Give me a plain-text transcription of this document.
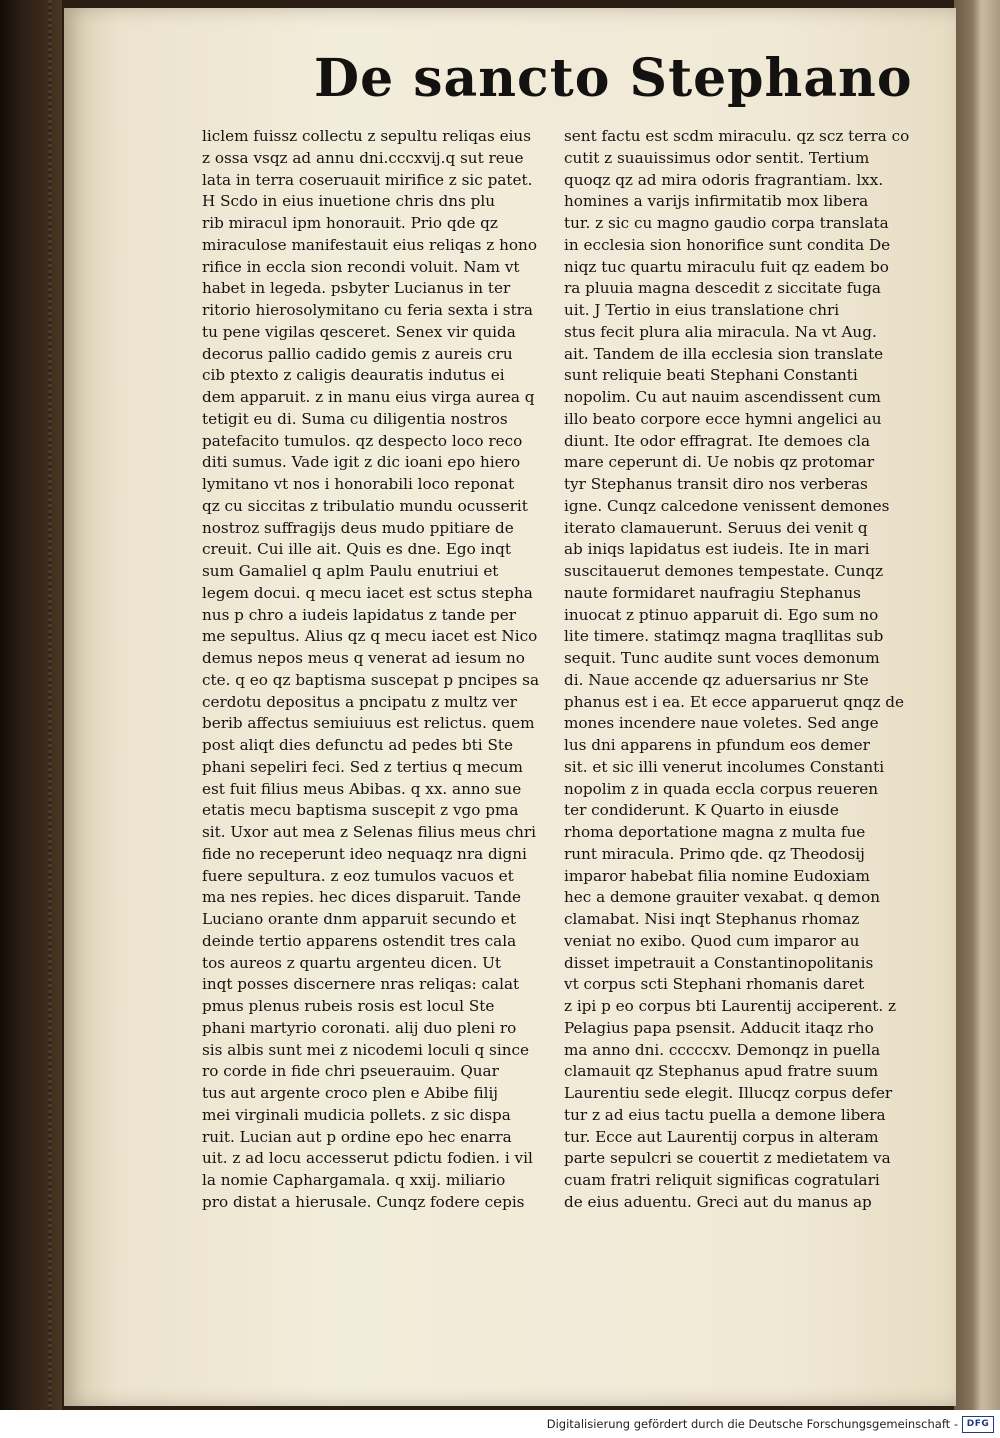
De sancto Stephano
liclem fuissz collectu z sepultu reliqas eius
z ossa vsqz ad annu dni.cccxvij.q sut reue
lata in terra coseruauit mirifice z sic patet.
H Scdo in eius inuetione chris dns plu
rib miracul ipm honorauit. Prio qde qz
miraculose manifestauit eius reliqas z hono
rifice in eccla sion recondi voluit. Nam vt
habet in legeda. psbyter Lucianus in ter
ritorio hierosolymitano cu feria sexta i stra
tu pene vigilas qesceret. Senex vir quida
decorus pallio cadido gemis z aureis cru
cib ptexto z caligis deauratis indutus ei
dem apparuit. z in manu eius virga aurea q
tetigit eu di. Suma cu diligentia nostros
patefacito tumulos. qz despecto loco reco
diti sumus. Vade igit z dic ioani epo hiero
lymitano vt nos i honorabili loco reponat
qz cu siccitas z tribulatio mundu ocusserit
nostroz suffragijs deus mudo ppitiare de
creuit. Cui ille ait. Quis es dne. Ego inqt
sum Gamaliel q aplm Paulu enutriui et
legem docui. q mecu iacet est sctus stepha
nus p chro a iudeis lapidatus z tande per
me sepultus. Alius qz q mecu iacet est Nico
demus nepos meus q venerat ad iesum no
cte. q eo qz baptisma suscepat p pncipes sa
cerdotu depositus a pncipatu z multz ver
berib affectus semiuiuus est relictus. quem
post aliqt dies defunctu ad pedes bti Ste
phani sepeliri feci. Sed z tertius q mecum
est fuit filius meus Abibas. q xx. anno sue
etatis mecu baptisma suscepit z vgo pma
sit. Uxor aut mea z Selenas filius meus chri
fide no receperunt ideo nequaqz nra digni
fuere sepultura. z eoz tumulos vacuos et
ma nes repies. hec dices disparuit. Tande
Luciano orante dnm apparuit secundo et
deinde tertio apparens ostendit tres cala
tos aureos z quartu argenteu dicen. Ut
inqt posses discernere nras reliqas: calat
pmus plenus rubeis rosis est locul Ste
phani martyrio coronati. alij duo pleni ro
sis albis sunt mei z nicodemi loculi q since
ro corde in fide chri pseuerauim. Quar
tus aut argente croco plen e Abibe filij
mei virginali mudicia pollets. z sic dispa
ruit. Lucian aut p ordine epo hec enarra
uit. z ad locu accesserut pdictu fodien. i vil
la nomie Caphargamala. q xxij. miliario
pro distat a hierusale. Cunqz fodere cepis
sent factu est scdm miraculu. qz scz terra co
cutit z suauissimus odor sentit. Tertium
quoqz qz ad mira odoris fragrantiam. lxx.
homines a varijs infirmitatib mox libera
tur. z sic cu magno gaudio corpa translata
in ecclesia sion honorifice sunt condita De
niqz tuc quartu miraculu fuit qz eadem bo
ra pluuia magna descedit z siccitate fuga
uit. J Tertio in eius translatione chri
stus fecit plura alia miracula. Na vt Aug.
ait. Tandem de illa ecclesia sion translate
sunt reliquie beati Stephani Constanti
nopolim. Cu aut nauim ascendissent cum
illo beato corpore ecce hymni angelici au
diunt. Ite odor effragrat. Ite demoes cla
mare ceperunt di. Ue nobis qz protomar
tyr Stephanus transit diro nos verberas
igne. Cunqz calcedone venissent demones
iterato clamauerunt. Seruus dei venit q
ab iniqs lapidatus est iudeis. Ite in mari
suscitauerut demones tempestate. Cunqz
naute formidaret naufragiu Stephanus
inuocat z ptinuo apparuit di. Ego sum no
lite timere. statimqz magna traqllitas sub
sequit. Tunc audite sunt voces demonum
di. Naue accende qz aduersarius nr Ste
phanus est i ea. Et ecce apparuerut qnqz de
mones incendere naue voletes. Sed ange
lus dni apparens in pfundum eos demer
sit. et sic illi venerut incolumes Constanti
nopolim z in quada eccla corpus reueren
ter condiderunt. K Quarto in eiusde
rhoma deportatione magna z multa fue
runt miracula. Primo qde. qz Theodosij
imparor habebat filia nomine Eudoxiam
hec a demone grauiter vexabat. q demon
clamabat. Nisi inqt Stephanus rhomaz
veniat no exibo. Quod cum imparor au
disset impetrauit a Constantinopolitanis
vt corpus scti Stephani rhomanis daret
z ipi p eo corpus bti Laurentij acciperent. z
Pelagius papa psensit. Adducit itaqz rho
ma anno dni. cccccxv. Demonqz in puella
clamauit qz Stephanus apud fratre suum
Laurentiu sede elegit. Illucqz corpus defer
tur z ad eius tactu puella a demone libera
tur. Ecce aut Laurentij corpus in alteram
parte sepulcri se couertit z medietatem va
cuam fratri reliquit significas cogratulari
de eius aduentu. Greci aut du manus ap
Digitalisierung gefördert durch die Deutsche Forschungsgemeinschaft - DFG
